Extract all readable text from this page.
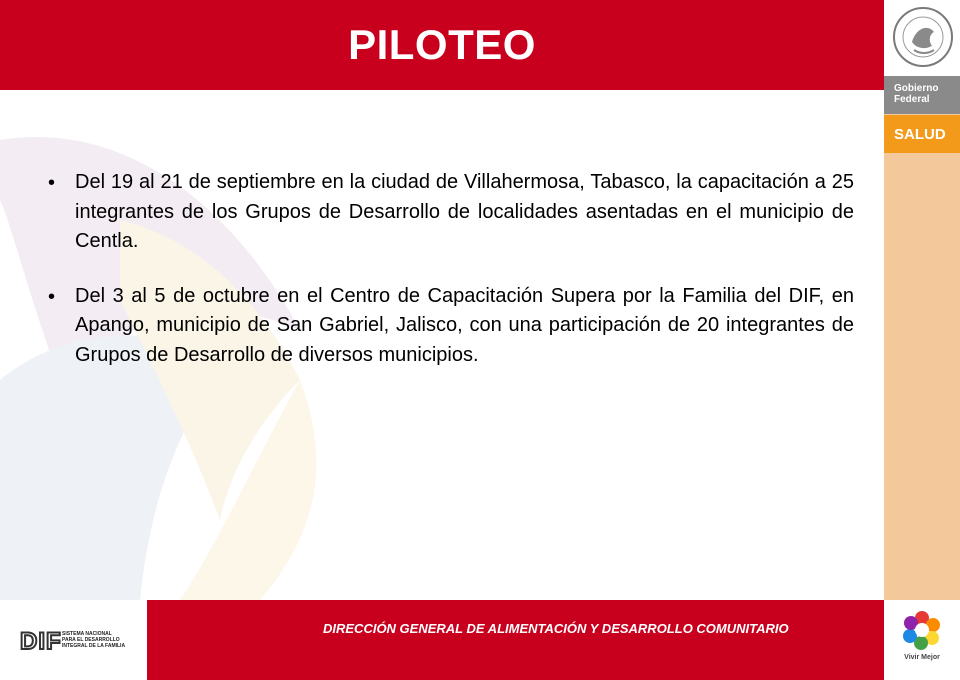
PILOTEO
Gobierno
Federal
SALUD
Vivir Mejor
• Del 19 al 21 de septiembre en la ciudad de Villahermosa, Tabasco, la capacitación a 25 integrantes de los Grupos de Desarrollo de localidades asentadas en el municipio de Centla.
• Del 3 al 5 de octubre en el Centro de Capacitación Supera por la Familia del DIF, en Apango, municipio de San Gabriel, Jalisco, con una participación de 20 integrantes de Grupos de Desarrollo de diversos municipios.
DIF SISTEMA NACIONAL
PARA EL DESARROLLO
INTEGRAL DE LA FAMILIA
DIRECCIÓN GENERAL DE ALIMENTACIÓN Y DESARROLLO COMUNITARIO
